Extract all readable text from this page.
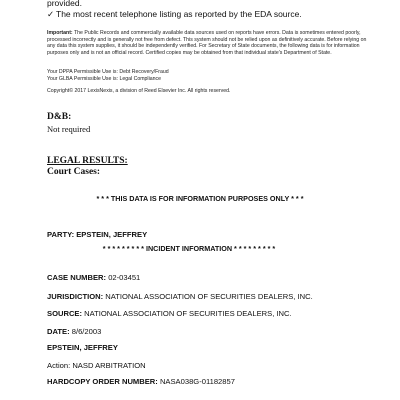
provided.
✓ The most recent telephone listing as reported by the EDA source.
Important: The Public Records and commercially available data sources used on reports have errors. Data is sometimes entered poorly, processed incorrectly and is generally not free from defect. This system should not be relied upon as definitively accurate. Before relying on any data this system supplies, it should be independently verified. For Secretary of State documents, the following data is for information purposes only and is not an official record. Certified copies may be obtained from that individual state's Department of State.
Your DPPA Permissible Use is: Debt Recovery/Fraud
Your GLBA Permissible Use is: Legal Compliance
Copyright© 2017 LexisNexis, a division of Reed Elsevier Inc. All rights reserved.
D&B:
Not required
LEGAL RESULTS:
Court Cases:
* * * THIS DATA IS FOR INFORMATION PURPOSES ONLY * * *
PARTY: EPSTEIN, JEFFREY
* * * * * * * * * INCIDENT INFORMATION * * * * * * * * *
CASE NUMBER: 02-03451
JURISDICTION: NATIONAL ASSOCIATION OF SECURITIES DEALERS, INC.
SOURCE: NATIONAL ASSOCIATION OF SECURITIES DEALERS, INC.
DATE: 8/6/2003
EPSTEIN, JEFFREY
Action: NASD ARBITRATION
HARDCOPY ORDER NUMBER: NASA038G-01182857
